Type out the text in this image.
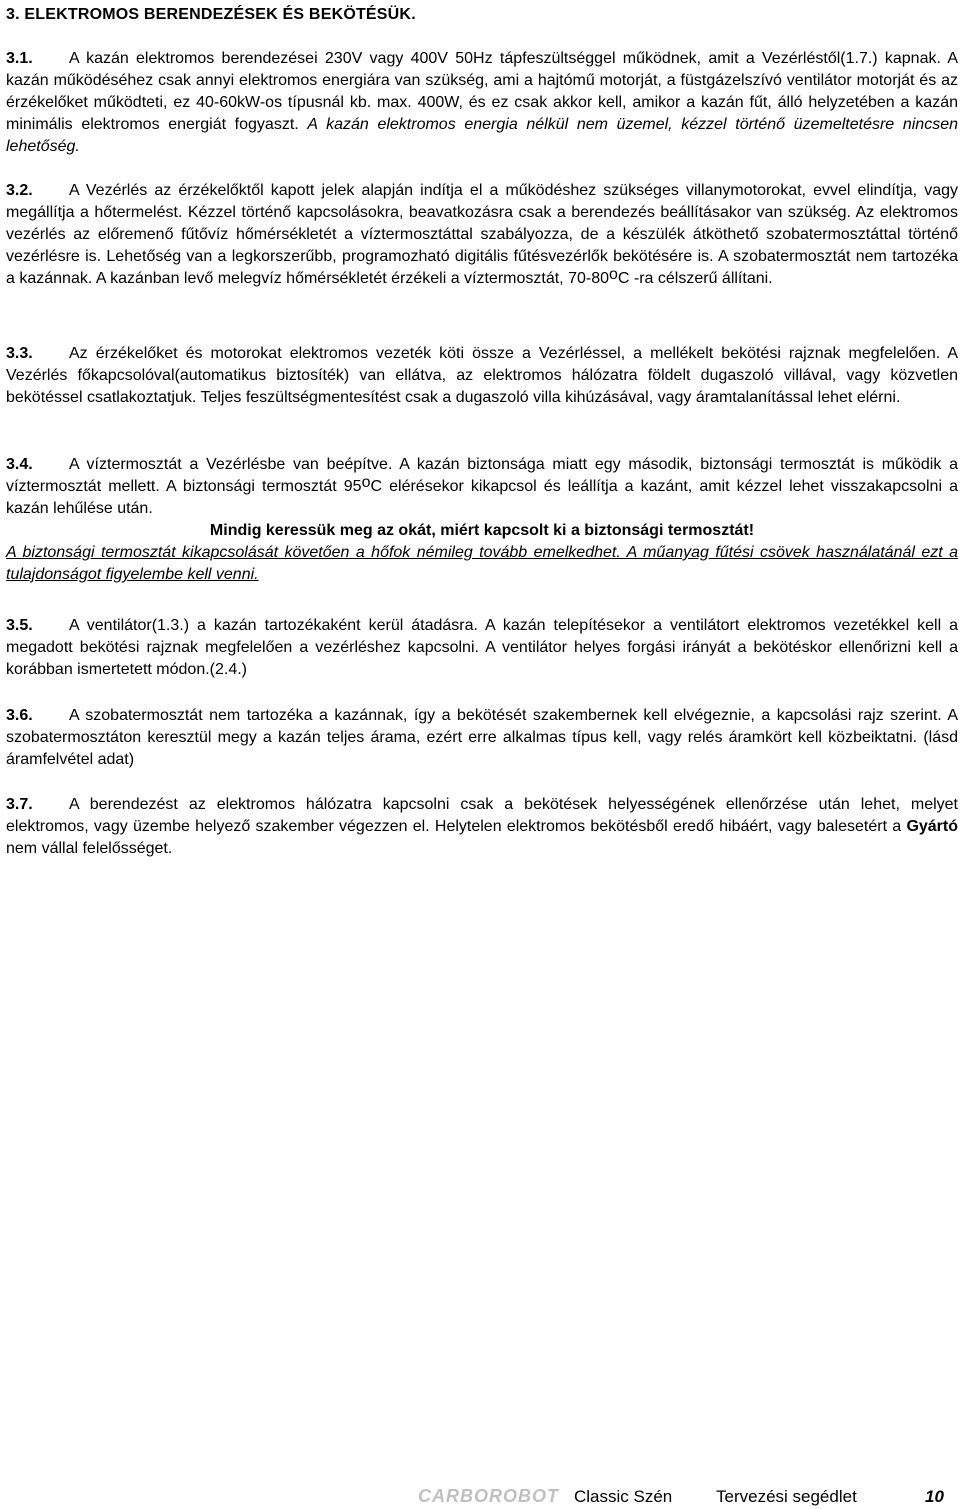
3. ELEKTROMOS BERENDEZÉSEK ÉS BEKÖTÉSÜK.
3.1. A kazán elektromos berendezései 230V vagy 400V 50Hz tápfeszültséggel működnek, amit a Vezérléstől(1.7.) kapnak. A kazán működéséhez csak annyi elektromos energiára van szükség, ami a hajtómű motorját, a füstgázelszívó ventilátor motorját és az érzékelőket működteti, ez 40-60kW-os típusnál kb. max. 400W, és ez csak akkor kell, amikor a kazán fűt, álló helyzetében a kazán minimális elektromos energiát fogyaszt. A kazán elektromos energia nélkül nem üzemel, kézzel történő üzemeltetésre nincsen lehetőség.
3.2. A Vezérlés az érzékelőktől kapott jelek alapján indítja el a működéshez szükséges villanymotorokat, evvel elindítja, vagy megállítja a hőtermelést. Kézzel történő kapcsolásokra, beavatkozásra csak a berendezés beállításakor van szükség. Az elektromos vezérlés az előremenő fűtővíz hőmérsékletét a víztermosztáttal szabályozza, de a készülék átköthető szobatermosztáttal történő vezérlésre is. Lehetőség van a legkorszerűbb, programozható digitális fűtésvezérlők bekötésére is. A szobatermosztát nem tartozéka a kazánnak. A kazánban levő melegvíz hőmérsékletét érzékeli a víztermosztát, 70-80$^o$C -ra célszerű állítani.
3.3. Az érzékelőket és motorokat elektromos vezeték köti össze a Vezérléssel, a mellékelt bekötési rajznak megfelelően. A Vezérlés főkapcsolóval(automatikus biztosíték) van ellátva, az elektromos hálózatra földelt dugaszoló villával, vagy közvetlen bekötéssel csatlakoztatjuk. Teljes feszültségmentesítést csak a dugaszoló villa kihúzásával, vagy áramtalanítással lehet elérni.
3.4. A víztermosztát a Vezérlésbe van beépítve. A kazán biztonsága miatt egy második, biztonsági termosztát is működik a víztermosztát mellett. A biztonsági termosztát 95$^o$C elérésekor kikapcsol és leállítja a kazánt, amit kézzel lehet visszakapcsolni a kazán lehűlése után.
Mindig keressük meg az okát, miért kapcsolt ki a biztonsági termosztát!
A biztonsági termosztát kikapcsolását követően a hőfok némileg tovább emelkedhet. A műanyag fűtési csövek használatánál ezt a tulajdonságot figyelembe kell venni.
3.5. A ventilátor(1.3.) a kazán tartozékaként kerül átadásra. A kazán telepítésekor a ventilátort elektromos vezetékkel kell a megadott bekötési rajznak megfelelően a vezérléshez kapcsolni. A ventilátor helyes forgási irányát a bekötéskor ellenőrizni kell a korábban ismertetett módon.(2.4.)
3.6. A szobatermosztát nem tartozéka a kazánnak, így a bekötését szakembernek kell elvégeznie, a kapcsolási rajz szerint. A szobatermosztáton keresztül megy a kazán teljes árama, ezért erre alkalmas típus kell, vagy relés áramkört kell közbeiktatni. (lásd áramfelvétel adat)
3.7. A berendezést az elektromos hálózatra kapcsolni csak a bekötések helyességének ellenőrzése után lehet, melyet elektromos, vagy üzembe helyező szakember végezzen el. Helytelen elektromos bekötésből eredő hibáért, vagy balesetért a Gyártó nem vállal felelősséget.
CARBOROBOT Classic Szén	Tervezési segédlet	10
